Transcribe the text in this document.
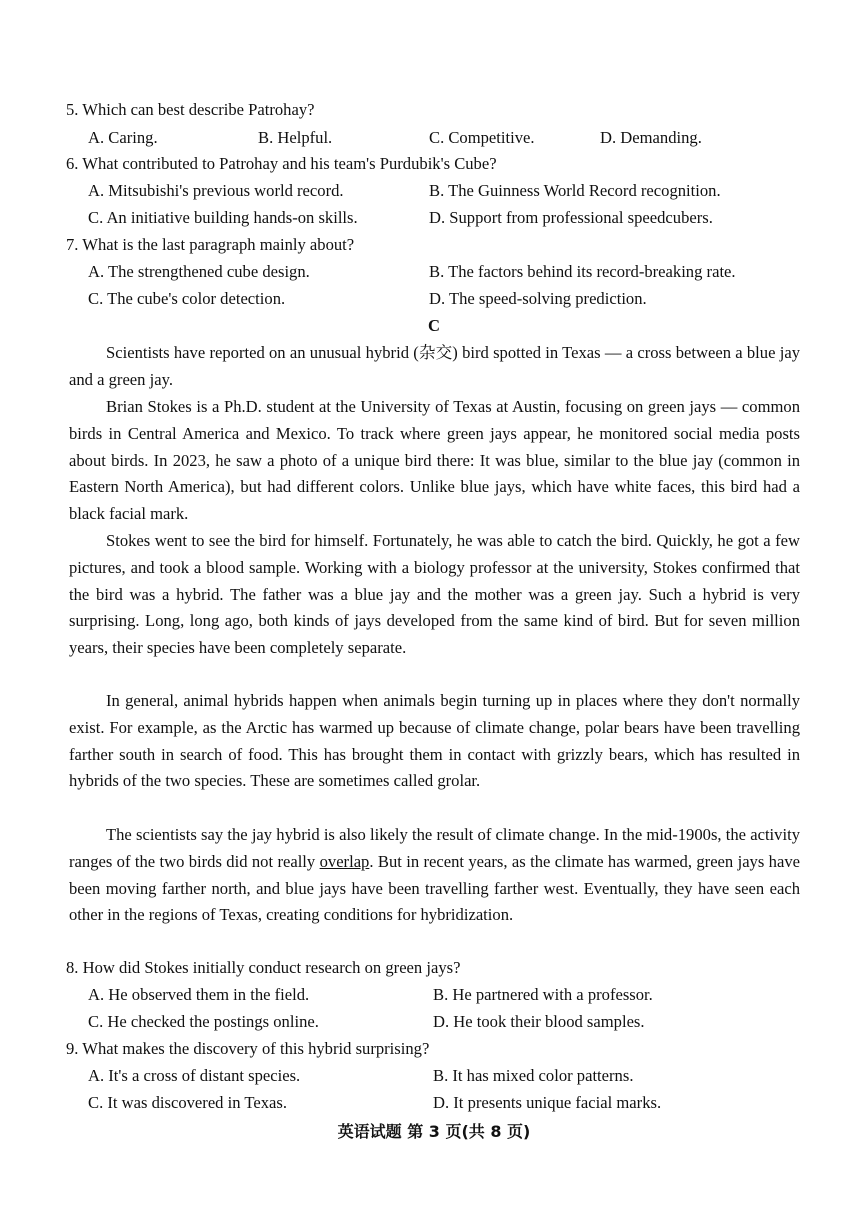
5. Which can best describe Patrohay?
A. Caring.	B. Helpful.	C. Competitive.	D. Demanding.
6. What contributed to Patrohay and his team's Purdubik's Cube?
A. Mitsubishi's previous world record.	B. The Guinness World Record recognition.
C. An initiative building hands-on skills.	D. Support from professional speedcubers.
7. What is the last paragraph mainly about?
A. The strengthened cube design.	B. The factors behind its record-breaking rate.
C. The cube's color detection.	D. The speed-solving prediction.
C

Scientists have reported on an unusual hybrid (杂交) bird spotted in Texas — a cross between a blue jay and a green jay.

Brian Stokes is a Ph.D. student at the University of Texas at Austin, focusing on green jays — common birds in Central America and Mexico. To track where green jays appear, he monitored social media posts about birds. In 2023, he saw a photo of a unique bird there: It was blue, similar to the blue jay (common in Eastern North America), but had different colors. Unlike blue jays, which have white faces, this bird had a black facial mark.

Stokes went to see the bird for himself. Fortunately, he was able to catch the bird. Quickly, he got a few pictures, and took a blood sample. Working with a biology professor at the university, Stokes confirmed that the bird was a hybrid. The father was a blue jay and the mother was a green jay. Such a hybrid is very surprising. Long, long ago, both kinds of jays developed from the same kind of bird. But for seven million years, their species have been completely separate.

In general, animal hybrids happen when animals begin turning up in places where they don't normally exist. For example, as the Arctic has warmed up because of climate change, polar bears have been travelling farther south in search of food. This has brought them in contact with grizzly bears, which has resulted in hybrids of the two species. These are sometimes called grolar.

The scientists say the jay hybrid is also likely the result of climate change. In the mid-1900s, the activity ranges of the two birds did not really overlap. But in recent years, as the climate has warmed, green jays have been moving farther north, and blue jays have been travelling farther west. Eventually, they have seen each other in the regions of Texas, creating conditions for hybridization.

8. How did Stokes initially conduct research on green jays?
A. He observed them in the field.	B. He partnered with a professor.
C. He checked the postings online.	D. He took their blood samples.
9. What makes the discovery of this hybrid surprising?
A. It's a cross of distant species.	B. It has mixed color patterns.
C. It was discovered in Texas.	D. It presents unique facial marks.
英语试题 第 3 页(共 8 页)
